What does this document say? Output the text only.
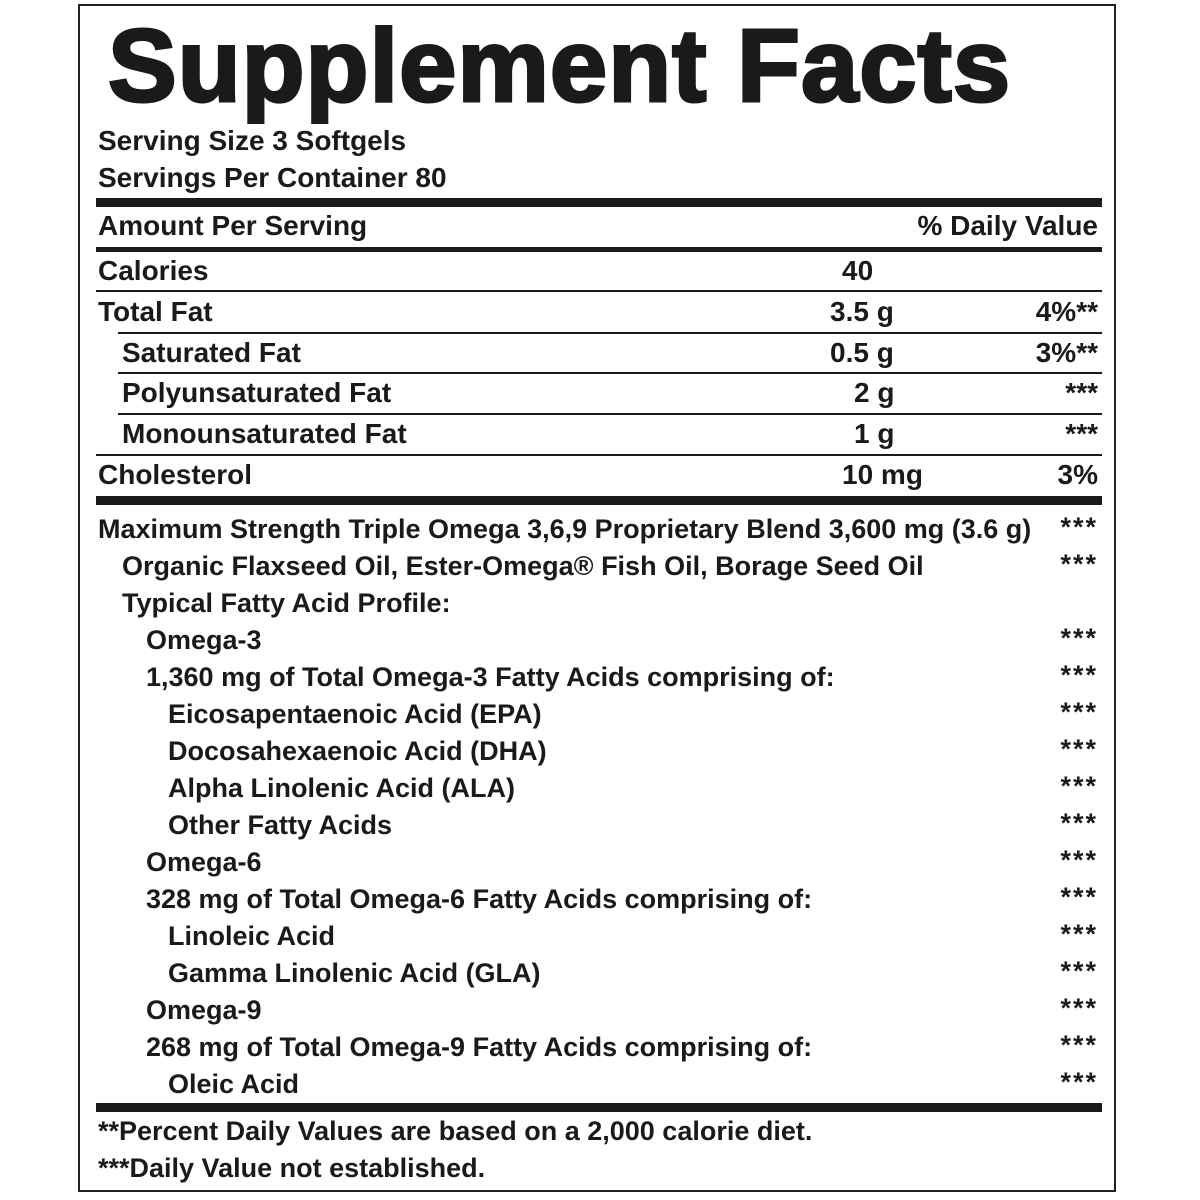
Supplement Facts
Serving Size 3 Softgels
Servings Per Container 80
Amount Per Serving	% Daily Value
Calories	40
Total Fat	3.5 g	4%**
Saturated Fat	0.5 g	3%**
Polyunsaturated Fat	2 g	***
Monounsaturated Fat	1 g	***
Cholesterol	10 mg	3%
Maximum Strength Triple Omega 3,6,9 Proprietary Blend 3,600 mg (3.6 g) ***
Organic Flaxseed Oil, Ester-Omega® Fish Oil, Borage Seed Oil	***
Typical Fatty Acid Profile:
Omega-3	***
1,360 mg of Total Omega-3 Fatty Acids comprising of:	***
Eicosapentaenoic Acid (EPA)	***
Docosahexaenoic Acid (DHA)	***
Alpha Linolenic Acid (ALA)	***
Other Fatty Acids	***
Omega-6	***
328 mg of Total Omega-6 Fatty Acids comprising of:	***
Linoleic Acid	***
Gamma Linolenic Acid (GLA)	***
Omega-9	***
268 mg of Total Omega-9 Fatty Acids comprising of:	***
Oleic Acid	***
**Percent Daily Values are based on a 2,000 calorie diet.
***Daily Value not established.
